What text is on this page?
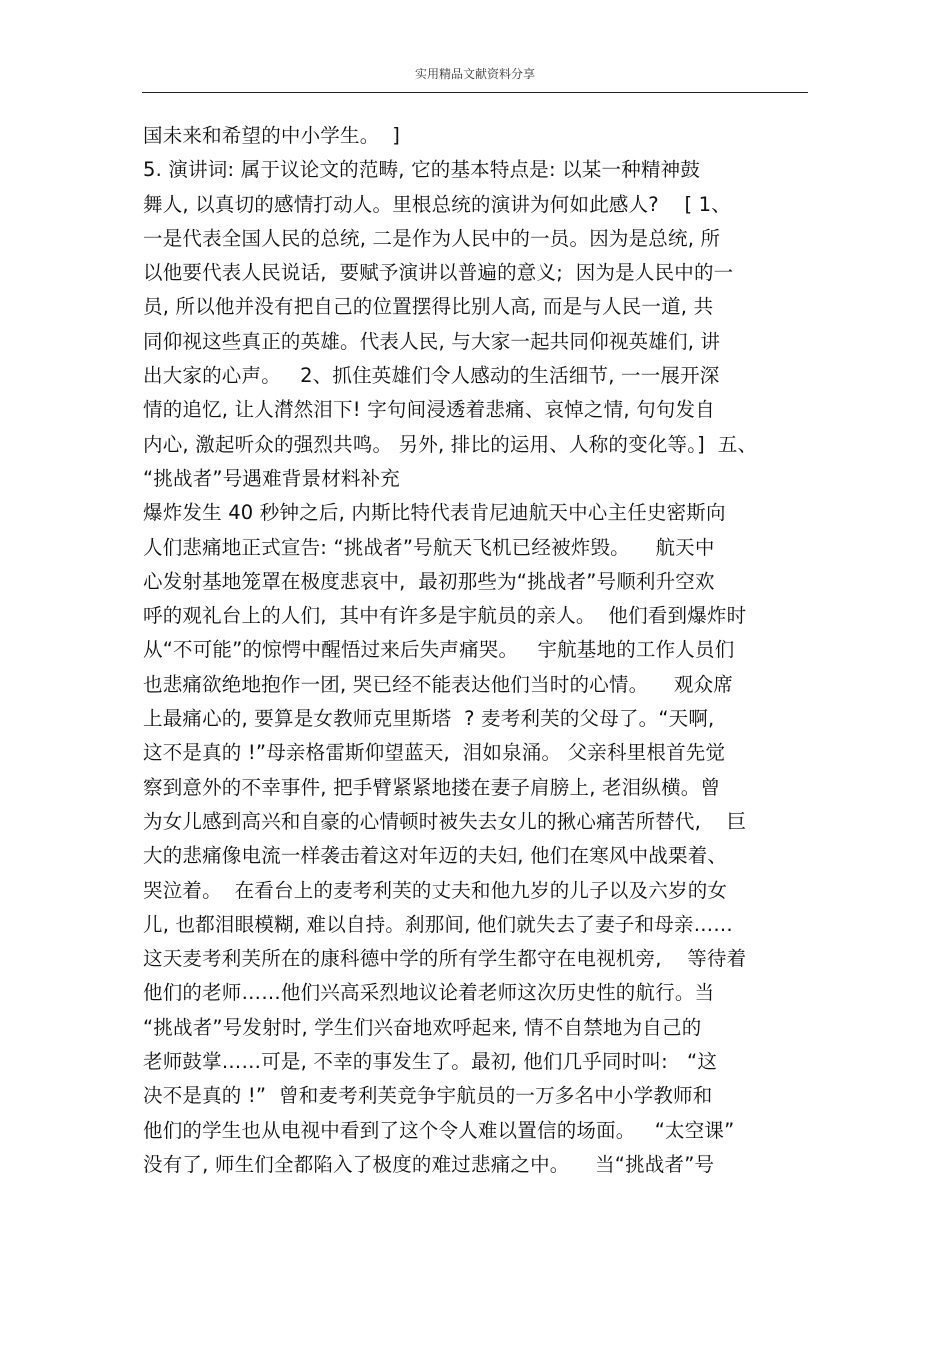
实用精品文献资料分享
国未来和希望的中小学生。  ]
5. 演讲词: 属于议论文的范畴, 它的基本特点是: 以某一种精神鼓
舞人, 以真切的感情打动人。里根总统的演讲为何如此感人?    [ 1、
一是代表全国人民的总统, 二是作为人民中的一员。因为是总统, 所
以他要代表人民说话,  要赋予演讲以普遍的意义;  因为是人民中的一
员, 所以他并没有把自己的位置摆得比别人高, 而是与人民一道, 共
同仰视这些真正的英雄。代表人民, 与大家一起共同仰视英雄们, 讲
出大家的心声。   2、抓住英雄们令人感动的生活细节, 一一展开深
情的追忆, 让人潸然泪下! 字句间浸透着悲痛、哀悼之情, 句句发自
内心, 激起听众的强烈共鸣。 另外, 排比的运用、人称的变化等。]  五、
“挑战者”号遇难背景材料补充
爆炸发生 40 秒钟之后, 内斯比特代表肯尼迪航天中心主任史密斯向
人们悲痛地正式宣告: “挑战者”号航天飞机已经被炸毁。    航天中
心发射基地笼罩在极度悲哀中,  最初那些为“挑战者”号顺利升空欢
呼的观礼台上的人们,  其中有许多是宇航员的亲人。  他们看到爆炸时
从“不可能”的惊愕中醒悟过来后失声痛哭。   宇航基地的工作人员们
也悲痛欲绝地抱作一团, 哭已经不能表达他们当时的心情。    观众席
上最痛心的, 要算是女教师克里斯塔  ? 麦考利芙的父母了。“天啊,
这不是真的 !”母亲格雷斯仰望蓝天,  泪如泉涌。 父亲科里根首先觉
察到意外的不幸事件, 把手臂紧紧地搂在妻子肩膀上, 老泪纵横。曾
为女儿感到高兴和自豪的心情顿时被失去女儿的揪心痛苦所替代,    巨
大的悲痛像电流一样袭击着这对年迈的夫妇, 他们在寒风中战栗着、
哭泣着。  在看台上的麦考利芙的丈夫和他九岁的儿子以及六岁的女
儿, 也都泪眼模糊, 难以自持。刹那间, 他们就失去了妻子和母亲……
这天麦考利芙所在的康科德中学的所有学生都守在电视机旁,    等待着
他们的老师……他们兴高采烈地议论着老师这次历史性的航行。当
“挑战者”号发射时, 学生们兴奋地欢呼起来, 情不自禁地为自己的
老师鼓掌……可是, 不幸的事发生了。最初, 他们几乎同时叫:   “这
决不是真的 !”  曾和麦考利芙竞争宇航员的一万多名中小学教师和
他们的学生也从电视中看到了这个令人难以置信的场面。   “太空课”
没有了, 师生们全都陷入了极度的难过悲痛之中。    当“挑战者”号
